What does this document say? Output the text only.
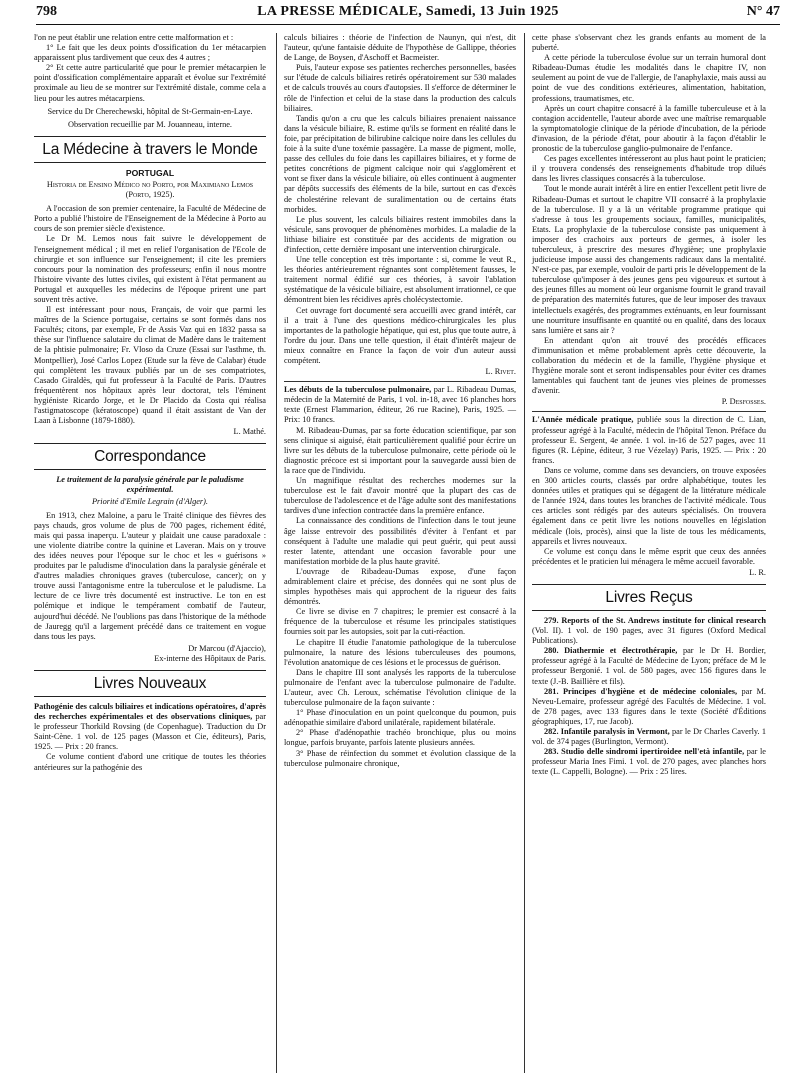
798	LA PRESSE MÉDICALE, Samedi, 13 Juin 1925	N° 47

l'on ne peut établir une relation entre cette malformation et :

1° Le fait que les deux points d'ossification du 1er métacarpien apparaissent plus tardivement que ceux des 4 autres ;

2° Et cette autre particularité que pour le premier métacarpien le point d'ossification complémentaire apparaît et évolue sur l'extrémité proximale au lieu de se montrer sur l'extrémité distale, comme cela a lieu pour les autres métacarpiens.

Service du Dr Cherechewski, hôpital de St-Germain-en-Laye.

Observation recueillie par M. Jouanneau, interne.

La Médecine à travers le Monde
PORTUGAL
Historia de Ensino Médico no Porto, por Maximiano Lemos (Porto, 1925).

A l'occasion de son premier centenaire, la Faculté de Médecine de Porto a publié l'histoire de l'Enseignement de la Médecine à Porto au cours de son premier siècle d'existence.

Le Dr M. Lemos nous fait suivre le développement de l'enseignement médical ; il met en relief l'organisation de l'Ecole de chirurgie et son influence sur l'enseignement; il cite les premiers concours pour la nomination des professeurs; enfin il nous montre l'histoire vivante des luttes civiles, qui existent à l'état permanent au Portugal et auxquelles les médecins de l'époque prirent une part souvent très active.

Il est intéressant pour nous, Français, de voir que parmi les maîtres de la Science portugaise, certains se sont formés dans nos Facultés; citons, par exemple, Fr de Assis Vaz qui en 1832 passa sa thèse sur l'influence salutaire du climat de Madère dans le traitement de la phtisie pulmonaire; Fr. Vloso da Cruze (Essai sur l'asthme, th. Montpellier), José Carlos Lopez (Etude sur la fève de Calabar) étude qui complètent les travaux publiés par un de ses compatriotes, Casado Giraldès, qui fut professeur à la Faculté de Paris. D'autres fréquentèrent nos hôpitaux après leur doctorat, tels l'éminent hygiéniste Ricardo Jorge, et le Dr Placido da Costa qui réalisa l'astigmatoscope (kératoscope) quand il était assistant de Van der Laan à Lisbonne (1879-1880).

L. Mathé.

Correspondance

Le traitement de la paralysie générale par le paludisme expérimental.

Priorité d'Emile Legrain (d'Alger).

En 1913, chez Maloine, a paru le Traité clinique des fièvres des pays chauds, gros volume de plus de 700 pages, richement édité, mais qui passa inaperçu. L'auteur y plaidait une cause paradoxale : une violente diatribe contre la quinine et Laveran. Mais on y trouve des idées neuves pour l'époque sur le choc et les « guérisons » produites par le paludisme d'inoculation dans la paralysie générale et d'autres maladies chroniques graves (tuberculose, cancer); on y trouve aussi l'antagonisme entre la tuberculose et le paludisme. La lecture de ce livre très documenté est instructive. Le ton en est polémique et indique le tempérament combatif de l'auteur, aujourd'hui décédé. Ne l'oublions pas dans l'historique de la méthode de Jauregg qu'il a largement précédé dans ce traitement en vogue dans tous les pays.

Dr Marcou (d'Ajaccio),

Ex-interne des Hôpitaux de Paris.

Livres Nouveaux

Pathogénie des calculs biliaires et indications opératoires, d'après des recherches expérimentales et des observations cliniques, par le professeur Thorkild Rovsing (de Copenhague). Traduction du Dr Saint-Cène. 1 vol. de 125 pages (Masson et Cie, éditeurs), Paris, 1925. — Prix : 20 francs.

Ce volume contient d'abord une critique de toutes les théories antérieures sur la pathogénie des

calculs biliaires : théorie de l'infection de Naunyn, qui n'est, dit l'auteur, qu'une fantaisie déduite de l'hypothèse de Gallippe, théories de Lange, de Boysen, d'Aschoff et Bacmeister.

Puis, l'auteur expose ses patientes recherches personnelles, basées sur l'étude de calculs biliaires retirés opératoirement sur 530 malades et de calculs trouvés au cours d'autopsies. Il s'efforce de déterminer le rôle de l'infection et celui de la stase dans la production des calculs biliaires.

Tandis qu'on a cru que les calculs biliaires prenaient naissance dans la vésicule biliaire, R. estime qu'ils se forment en réalité dans le foie, par précipitation de bilirubine calcique noire dans les cellules du foie à la suite d'une toxémie passagère. La masse de pigment, molle, passe des cellules du foie dans les capillaires biliaires, et y forme de petites concrétions de pigment calcique noir qui s'agglomèrent et vont se fixer dans la vésicule biliaire, où elles continuent à augmenter par dépôts successifs des éléments de la bile, surtout en cas d'excès de cholestérine relevant de suralimentation ou de certains états morbides.

Le plus souvent, les calculs biliaires restent immobiles dans la vésicule, sans provoquer de phénomènes morbides. La maladie de la lithiase biliaire est constituée par des accidents de migration ou d'infection, cette dernière imposant une intervention chirurgicale.

Une telle conception est très importante : si, comme le veut R., les théories antérieurement régnantes sont complètement fausses, le traitement normal édifié sur ces théories, à savoir l'ablation systématique de la vésicule biliaire, est absolument irrationnel, ce que démontrent bien les récidives après cholécystectomie.

Cet ouvrage fort documenté sera accueilli avec grand intérêt, car il a trait à l'une des questions médico-chirurgicales les plus importantes de la pathologie hépatique, qui est, plus que toute autre, à l'ordre du jour. Dans une telle question, il était d'intérêt majeur de mieux connaître en France la façon de voir d'un auteur aussi compétent.

L. Rivet.

Les débuts de la tuberculose pulmonaire, par L. Ribadeau Dumas, médecin de la Maternité de Paris, 1 vol. in-18, avec 16 planches hors texte (Ernest Flammarion, éditeur, 26 rue Racine), Paris, 1925. — Prix: 10 francs.

M. Ribadeau-Dumas, par sa forte éducation scientifique, par son sens clinique si aiguisé, était particulièrement qualifié pour écrire un livre sur les débuts de la tuberculose pulmonaire, cette période où le diagnostic précoce est si important pour la sauvegarde aussi bien de la race que de l'individu.

Un magnifique résultat des recherches modernes sur la tuberculose est le fait d'avoir montré que la plupart des cas de tuberculose de l'adolescence et de l'âge adulte sont des manifestations tardives d'une infection contractée dans la première enfance.

La connaissance des conditions de l'infection dans le tout jeune âge laisse entrevoir des possibilités d'éviter à l'enfant et par conséquent à l'adulte une maladie qui peut guérir, qui peut aussi rester latente, attendant une occasion favorable pour une manifestation morbide de la plus haute gravité.

L'ouvrage de Ribadeau-Dumas expose, d'une façon admirablement claire et précise, des données qui ne sont plus de simples hypothèses mais qui approchent de la rigueur des faits démontrés.

Ce livre se divise en 7 chapitres; le premier est consacré à la fréquence de la tuberculose et résume les principales statistiques fournies soit par les autopsies, soit par la cuti-réaction.

Le chapitre II étudie l'anatomie pathologique de la tuberculose pulmonaire, la nature des lésions tuberculeuses des poumons, l'évolution anatomique de ces lésions et le processus de guérison.

Dans le chapitre III sont analysés les rapports de la tuberculose pulmonaire de l'enfant avec la tuberculose pulmonaire de l'adulte. L'auteur, avec Ch. Leroux, schématise l'évolution clinique de la tuberculose pulmonaire de la façon suivante :

1° Phase d'inoculation en un point quelconque du poumon, puis adénopathie similaire d'abord unilatérale, rapidement bilatérale.

2° Phase d'adénopathie trachéo bronchique, plus ou moins longue, parfois bruyante, parfois latente plusieurs années.

3° Phase de réinfection du sommet et évolution classique de la tuberculose pulmonaire chronique,

cette phase s'observant chez les grands enfants au moment de la puberté.

A cette période la tuberculose évolue sur un terrain humoral dont Ribadeau-Dumas étudie les modalités dans le chapitre IV, non seulement au point de vue de l'allergie, de l'anaphylaxie, mais aussi au point de vue des conditions extérieures, alimentation, habitation, professions, traumatismes, etc.

Après un court chapitre consacré à la famille tuberculeuse et à la contagion accidentelle, l'auteur aborde avec une maîtrise remarquable la symptomatologie clinique de la période d'incubation, de la période d'invasion, de la période d'état, pour aboutir à la façon d'établir le pronostic de la tuberculose ganglio-pulmonaire de l'enfance.

Ces pages excellentes intéresseront au plus haut point le praticien; il y trouvera condensés des renseignements d'habitude trop dilués dans les livres classiques consacrés à la tuberculose.

Tout le monde aurait intérêt à lire en entier l'excellent petit livre de Ribadeau-Dumas et surtout le chapitre VII consacré à la prophylaxie de la tuberculose. Il y a là un véritable programme pratique qui s'adresse à tous les groupements sociaux, familles, municipalités, Etats. La prophylaxie de la tuberculose consiste pas uniquement à imposer des crachoirs aux porteurs de germes, à isoler les tuberculeux, à prescrire des mesures d'hygiène; une prophylaxie judicieuse impose aussi des changements radicaux dans la mentalité. N'est-ce pas, par exemple, vouloir de parti pris le développement de la tuberculose qu'imposer à des jeunes gens peu vigoureux et surtout à des jeunes filles au moment où leur organisme fournit le grand travail de préparation des maternités futures, que de leur imposer des travaux intellectuels exagérés, des programmes exténuants, en leur fournissant une nourriture insuffisante en quantité ou en qualité, dans des locaux sans lumière et sans air ?

En attendant qu'on ait trouvé des procédés efficaces d'immunisation et même probablement après cette découverte, la collaboration du médecin et de la famille, l'hygiène physique et l'hygiène morale sont et seront indispensables pour éviter ces drames lamentables qui fauchent tant de jeunes vies pleines de promesses d'avenir.

P. Desfosses.

L'Année médicale pratique, publiée sous la direction de C. Lian, professeur agrégé à la Faculté, médecin de l'hôpital Tenon. Préface du professeur E. Sergent, 4e année. 1 vol. in-16 de 527 pages, avec 11 figures (R. Lépine, éditeur, 3 rue Vézelay) Paris, 1925. — Prix : 20 francs.

Dans ce volume, comme dans ses devanciers, on trouve exposées en 300 articles courts, classés par ordre alphabétique, toutes les données utiles et pratiques qui se dégagent de la littérature médicale de l'année 1924, dans toutes les branches de l'activité médicale. Tous ces articles sont rédigés par des auteurs spécialisés. On trouvera également dans ce petit livre les notions nouvelles en législation médicale (lois, procès), ainsi que la liste de tous les médicaments, appareils et livres nouveaux.

Ce volume est conçu dans le même esprit que ceux des années précédentes et le praticien lui ménagera le même accueil favorable.

L. R.

Livres Reçus

279. Reports of the St. Andrews institute for clinical research (Vol. II). 1 vol. de 190 pages, avec 31 figures (Oxford Medical Publications).

280. Diathermie et électrothérapie, par le Dr H. Bordier, professeur agrégé à la Faculté de Médecine de Lyon; préface de M le professeur Bergonié. 1 vol. de 580 pages, avec 156 figures dans le texte (J.-B. Baillière et fils).

281. Principes d'hygiène et de médecine coloniales, par M. Neveu-Lemaire, professeur agrégé des Facultés de Médecine. 1 vol. de 278 pages, avec 133 figures dans le texte (Société d'Éditions géographiques, 17, rue Jacob).

282. Infantile paralysis in Vermont, par le Dr Charles Caverly. 1 vol. de 374 pages (Burlington, Vermont).

283. Studio delle sindromi ipertiroidee nell'età infantile, par le professeur Maria Ines Fimi. 1 vol. de 270 pages, avec planches hors texte (L. Cappelli, Bologne). — Prix : 25 lires.
